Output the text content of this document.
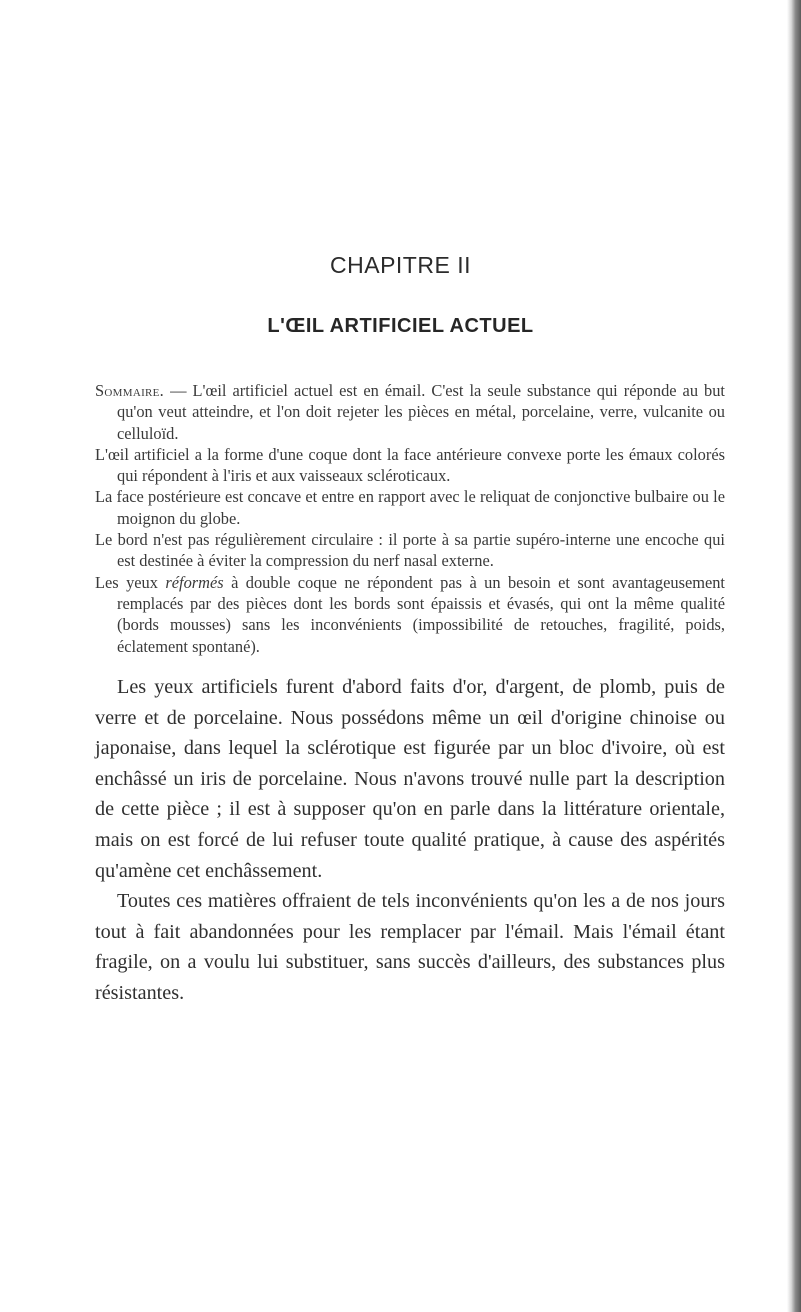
CHAPITRE II
L'ŒIL ARTIFICIEL ACTUEL

Sommaire. — L'œil artificiel actuel est en émail. C'est la seule substance qui réponde au but qu'on veut atteindre, et l'on doit rejeter les pièces en métal, porcelaine, verre, vulcanite ou celluloïd.

L'œil artificiel a la forme d'une coque dont la face antérieure convexe porte les émaux colorés qui répondent à l'iris et aux vaisseaux scléroticaux.

La face postérieure est concave et entre en rapport avec le reliquat de conjonctive bulbaire ou le moignon du globe.

Le bord n'est pas régulièrement circulaire : il porte à sa partie supéro-interne une encoche qui est destinée à éviter la compression du nerf nasal externe.

Les yeux réformés à double coque ne répondent pas à un besoin et sont avantageusement remplacés par des pièces dont les bords sont épaissis et évasés, qui ont la même qualité (bords mousses) sans les inconvénients (impossibilité de retouches, fragilité, poids, éclatement spontané).

Les yeux artificiels furent d'abord faits d'or, d'argent, de plomb, puis de verre et de porcelaine. Nous possédons même un œil d'origine chinoise ou japonaise, dans lequel la sclérotique est figurée par un bloc d'ivoire, où est enchâssé un iris de porcelaine. Nous n'avons trouvé nulle part la description de cette pièce ; il est à supposer qu'on en parle dans la littérature orientale, mais on est forcé de lui refuser toute qualité pratique, à cause des aspérités qu'amène cet enchâssement.

Toutes ces matières offraient de tels inconvénients qu'on les a de nos jours tout à fait abandonnées pour les remplacer par l'émail. Mais l'émail étant fragile, on a voulu lui substituer, sans succès d'ailleurs, des substances plus résistantes.
